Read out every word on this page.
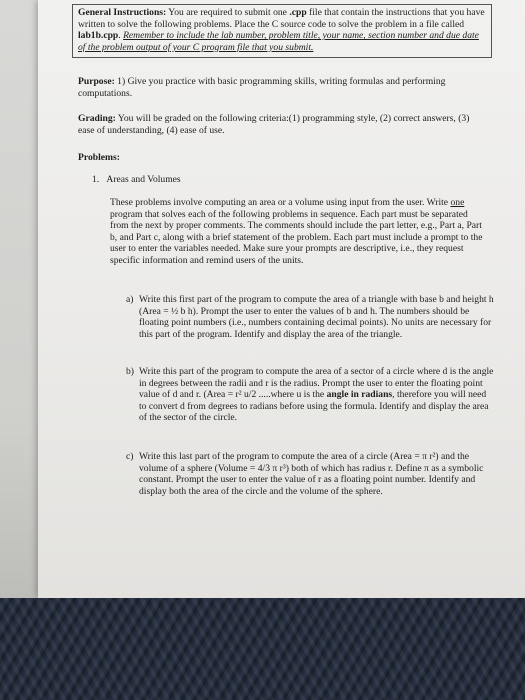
General Instructions: You are required to submit one .cpp file that contain the instructions that you have written to solve the following problems. Place the C source code to solve the problem in a file called lab1b.cpp. Remember to include the lab number, problem title, your name, section number and due date of the problem output of your C program file that you submit.

Purpose: 1) Give you practice with basic programming skills, writing formulas and performing computations.

Grading: You will be graded on the following criteria:(1) programming style, (2) correct answers, (3) ease of understanding, (4) ease of use.

Problems:

1. Areas and Volumes

These problems involve computing an area or a volume using input from the user. Write one program that solves each of the following problems in sequence. Each part must be separated from the next by proper comments. The comments should include the part letter, e.g., Part a, Part b, and Part c, along with a brief statement of the problem. Each part must include a prompt to the user to enter the variables needed. Make sure your prompts are descriptive, i.e., they request specific information and remind users of the units.

a) Write this first part of the program to compute the area of a triangle with base b and height h (Area = ½ b h). Prompt the user to enter the values of b and h. The numbers should be floating point numbers (i.e., numbers containing decimal points). No units are necessary for this part of the program. Identify and display the area of the triangle.

b) Write this part of the program to compute the area of a sector of a circle where d is the angle in degrees between the radii and r is the radius. Prompt the user to enter the floating point value of d and r. (Area = r² u/2 .....where u is the angle in radians, therefore you will need to convert d from degrees to radians before using the formula. Identify and display the area of the sector of the circle.

c) Write this last part of the program to compute the area of a circle (Area = π r²) and the volume of a sphere (Volume = 4/3 π r³) both of which has radius r. Define π as a symbolic constant. Prompt the user to enter the value of r as a floating point number. Identify and display both the area of the circle and the volume of the sphere.
